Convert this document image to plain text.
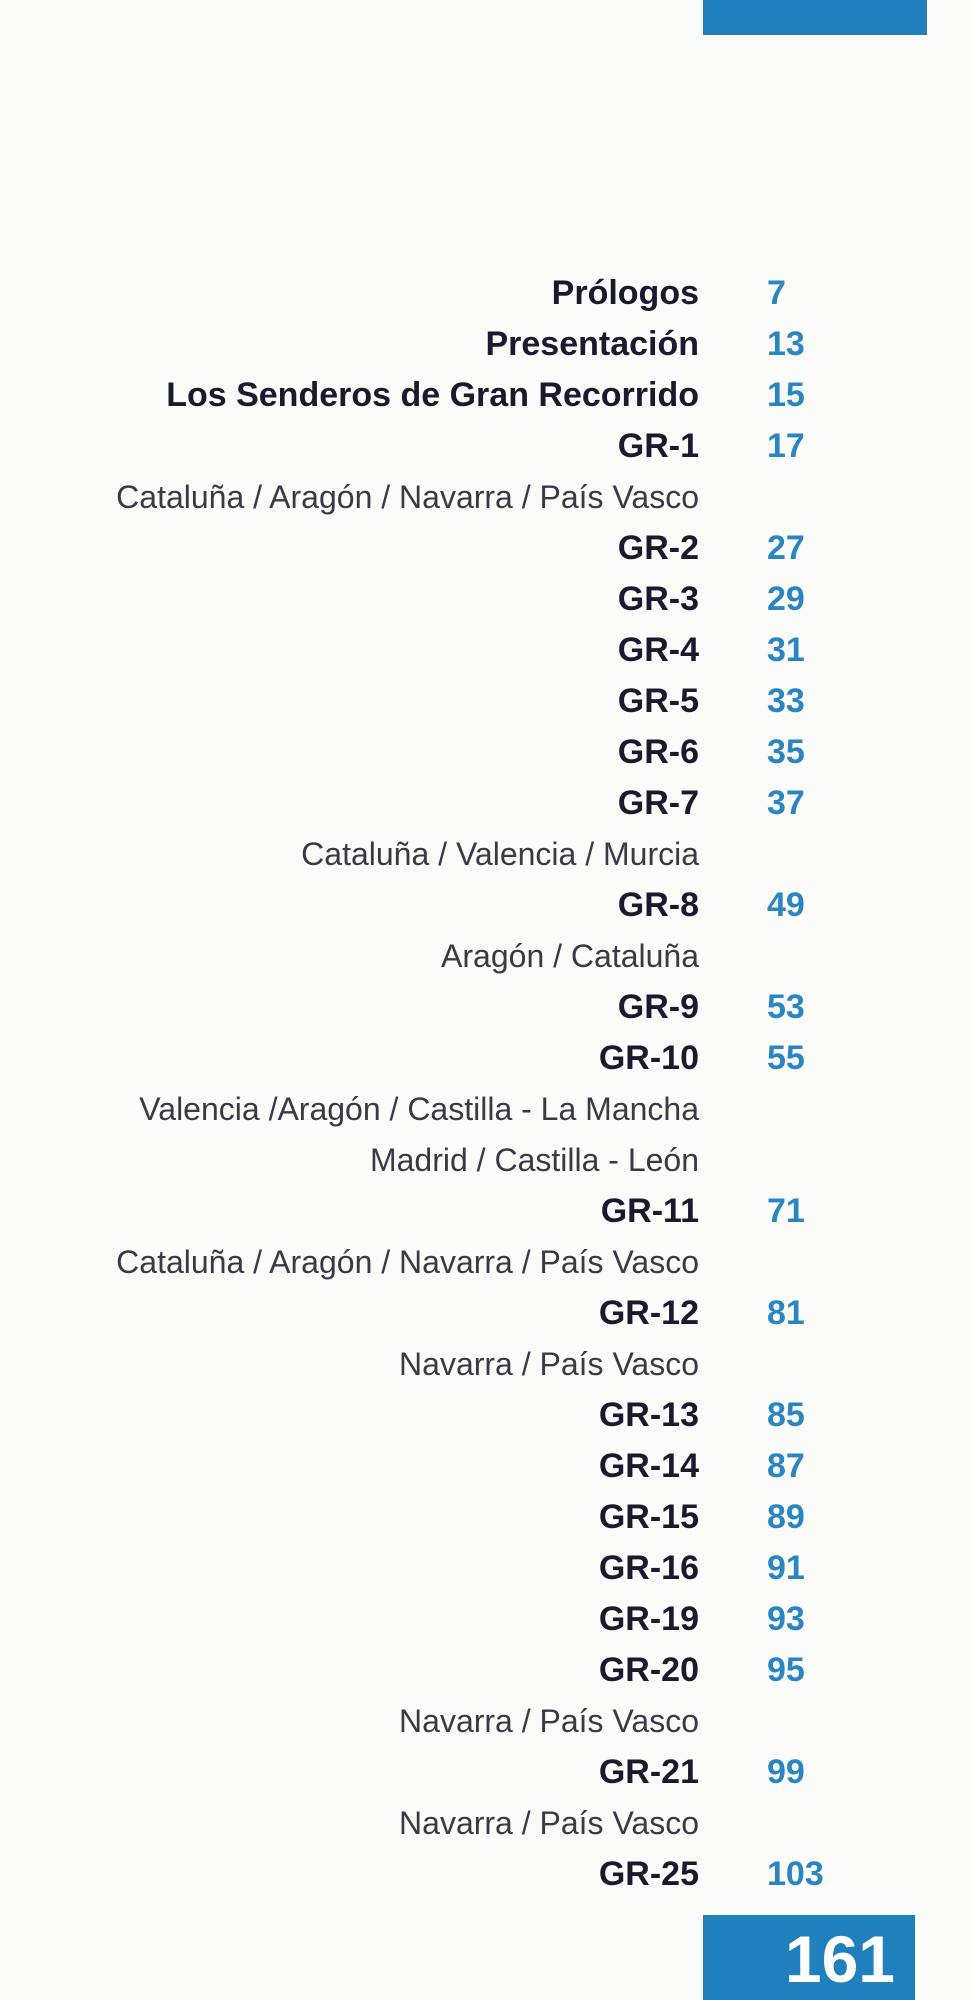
Prólogos 7
Presentación 13
Los Senderos de Gran Recorrido 15
GR-1 17
Cataluña / Aragón / Navarra / País Vasco
GR-2 27
GR-3 29
GR-4 31
GR-5 33
GR-6 35
GR-7 37
Cataluña / Valencia / Murcia
GR-8 49
Aragón / Cataluña
GR-9 53
GR-10 55
Valencia /Aragón / Castilla - La Mancha
Madrid / Castilla - León
GR-11 71
Cataluña / Aragón / Navarra / País Vasco
GR-12 81
Navarra / País Vasco
GR-13 85
GR-14 87
GR-15 89
GR-16 91
GR-19 93
GR-20 95
Navarra / País Vasco
GR-21 99
Navarra / País Vasco
GR-25 103
161
